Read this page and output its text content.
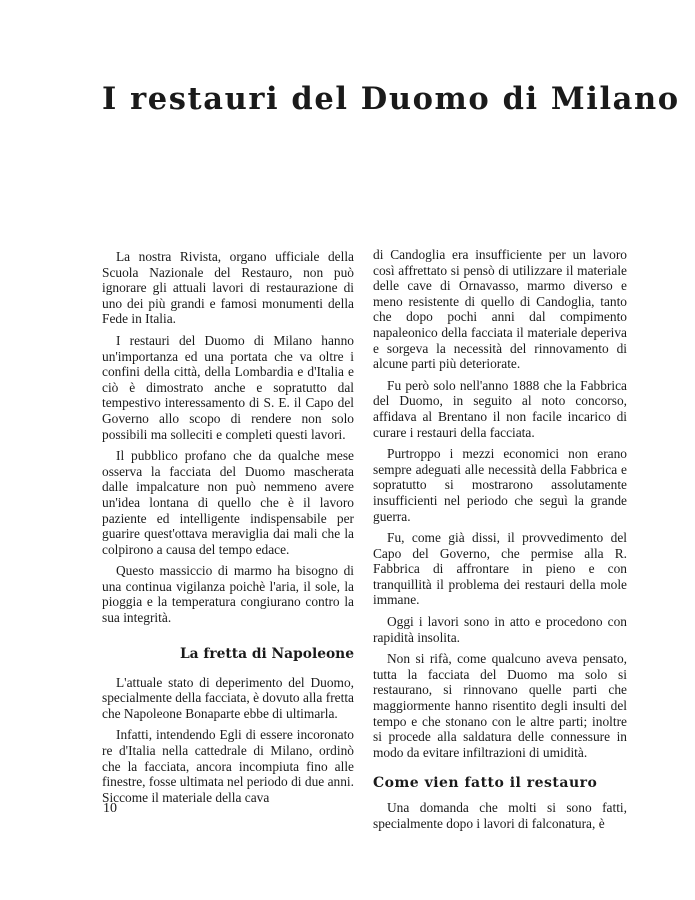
I restauri del Duomo di Milano

La nostra Rivista, organo ufficiale della Scuola Nazionale del Restauro, non può ignorare gli attuali lavori di restaurazione di uno dei più grandi e famosi monumenti della Fede in Italia.

I restauri del Duomo di Milano hanno un'importanza ed una portata che va oltre i confini della città, della Lombardia e d'Italia e ciò è dimostrato anche e sopratutto dal tempestivo interessamento di S. E. il Capo del Governo allo scopo di rendere non solo possibili ma solleciti e completi questi lavori.

Il pubblico profano che da qualche mese osserva la facciata del Duomo mascherata dalle impalcature non può nemmeno avere un'idea lontana di quello che è il lavoro paziente ed intelligente indispensabile per guarire quest'ottava meraviglia dai mali che la colpirono a causa del tempo edace.

Questo massiccio di marmo ha bisogno di una continua vigilanza poichè l'aria, il sole, la pioggia e la temperatura congiurano contro la sua integrità.

La fretta di Napoleone

L'attuale stato di deperimento del Duomo, specialmente della facciata, è dovuto alla fretta che Napoleone Bonaparte ebbe di ultimarla.

Infatti, intendendo Egli di essere incoronato re d'Italia nella cattedrale di Milano, ordinò che la facciata, ancora incompiuta fino alle finestre, fosse ultimata nel periodo di due anni. Siccome il materiale della cava

di Candoglia era insufficiente per un lavoro così affrettato si pensò di utilizzare il materiale delle cave di Ornavasso, marmo diverso e meno resistente di quello di Candoglia, tanto che dopo pochi anni dal compimento napaleonico della facciata il materiale deperiva e sorgeva la necessità del rinnovamento di alcune parti più deteriorate.

Fu però solo nell'anno 1888 che la Fabbrica del Duomo, in seguito al noto concorso, affidava al Brentano il non facile incarico di curare i restauri della facciata.

Purtroppo i mezzi economici non erano sempre adeguati alle necessità della Fabbrica e sopratutto si mostrarono assolutamente insufficienti nel periodo che seguì la grande guerra.

Fu, come già dissi, il provvedimento del Capo del Governo, che permise alla R. Fabbrica di affrontare in pieno e con tranquillità il problema dei restauri della mole immane.

Oggi i lavori sono in atto e procedono con rapidità insolita.

Non si rifà, come qualcuno aveva pensato, tutta la facciata del Duomo ma solo si restaurano, si rinnovano quelle parti che maggiormente hanno risentito degli insulti del tempo e che stonano con le altre parti; inoltre si procede alla saldatura delle connessure in modo da evitare infiltrazioni di umidità.

Come vien fatto il restauro

Una domanda che molti si sono fatti, specialmente dopo i lavori di falconatura, è

10
